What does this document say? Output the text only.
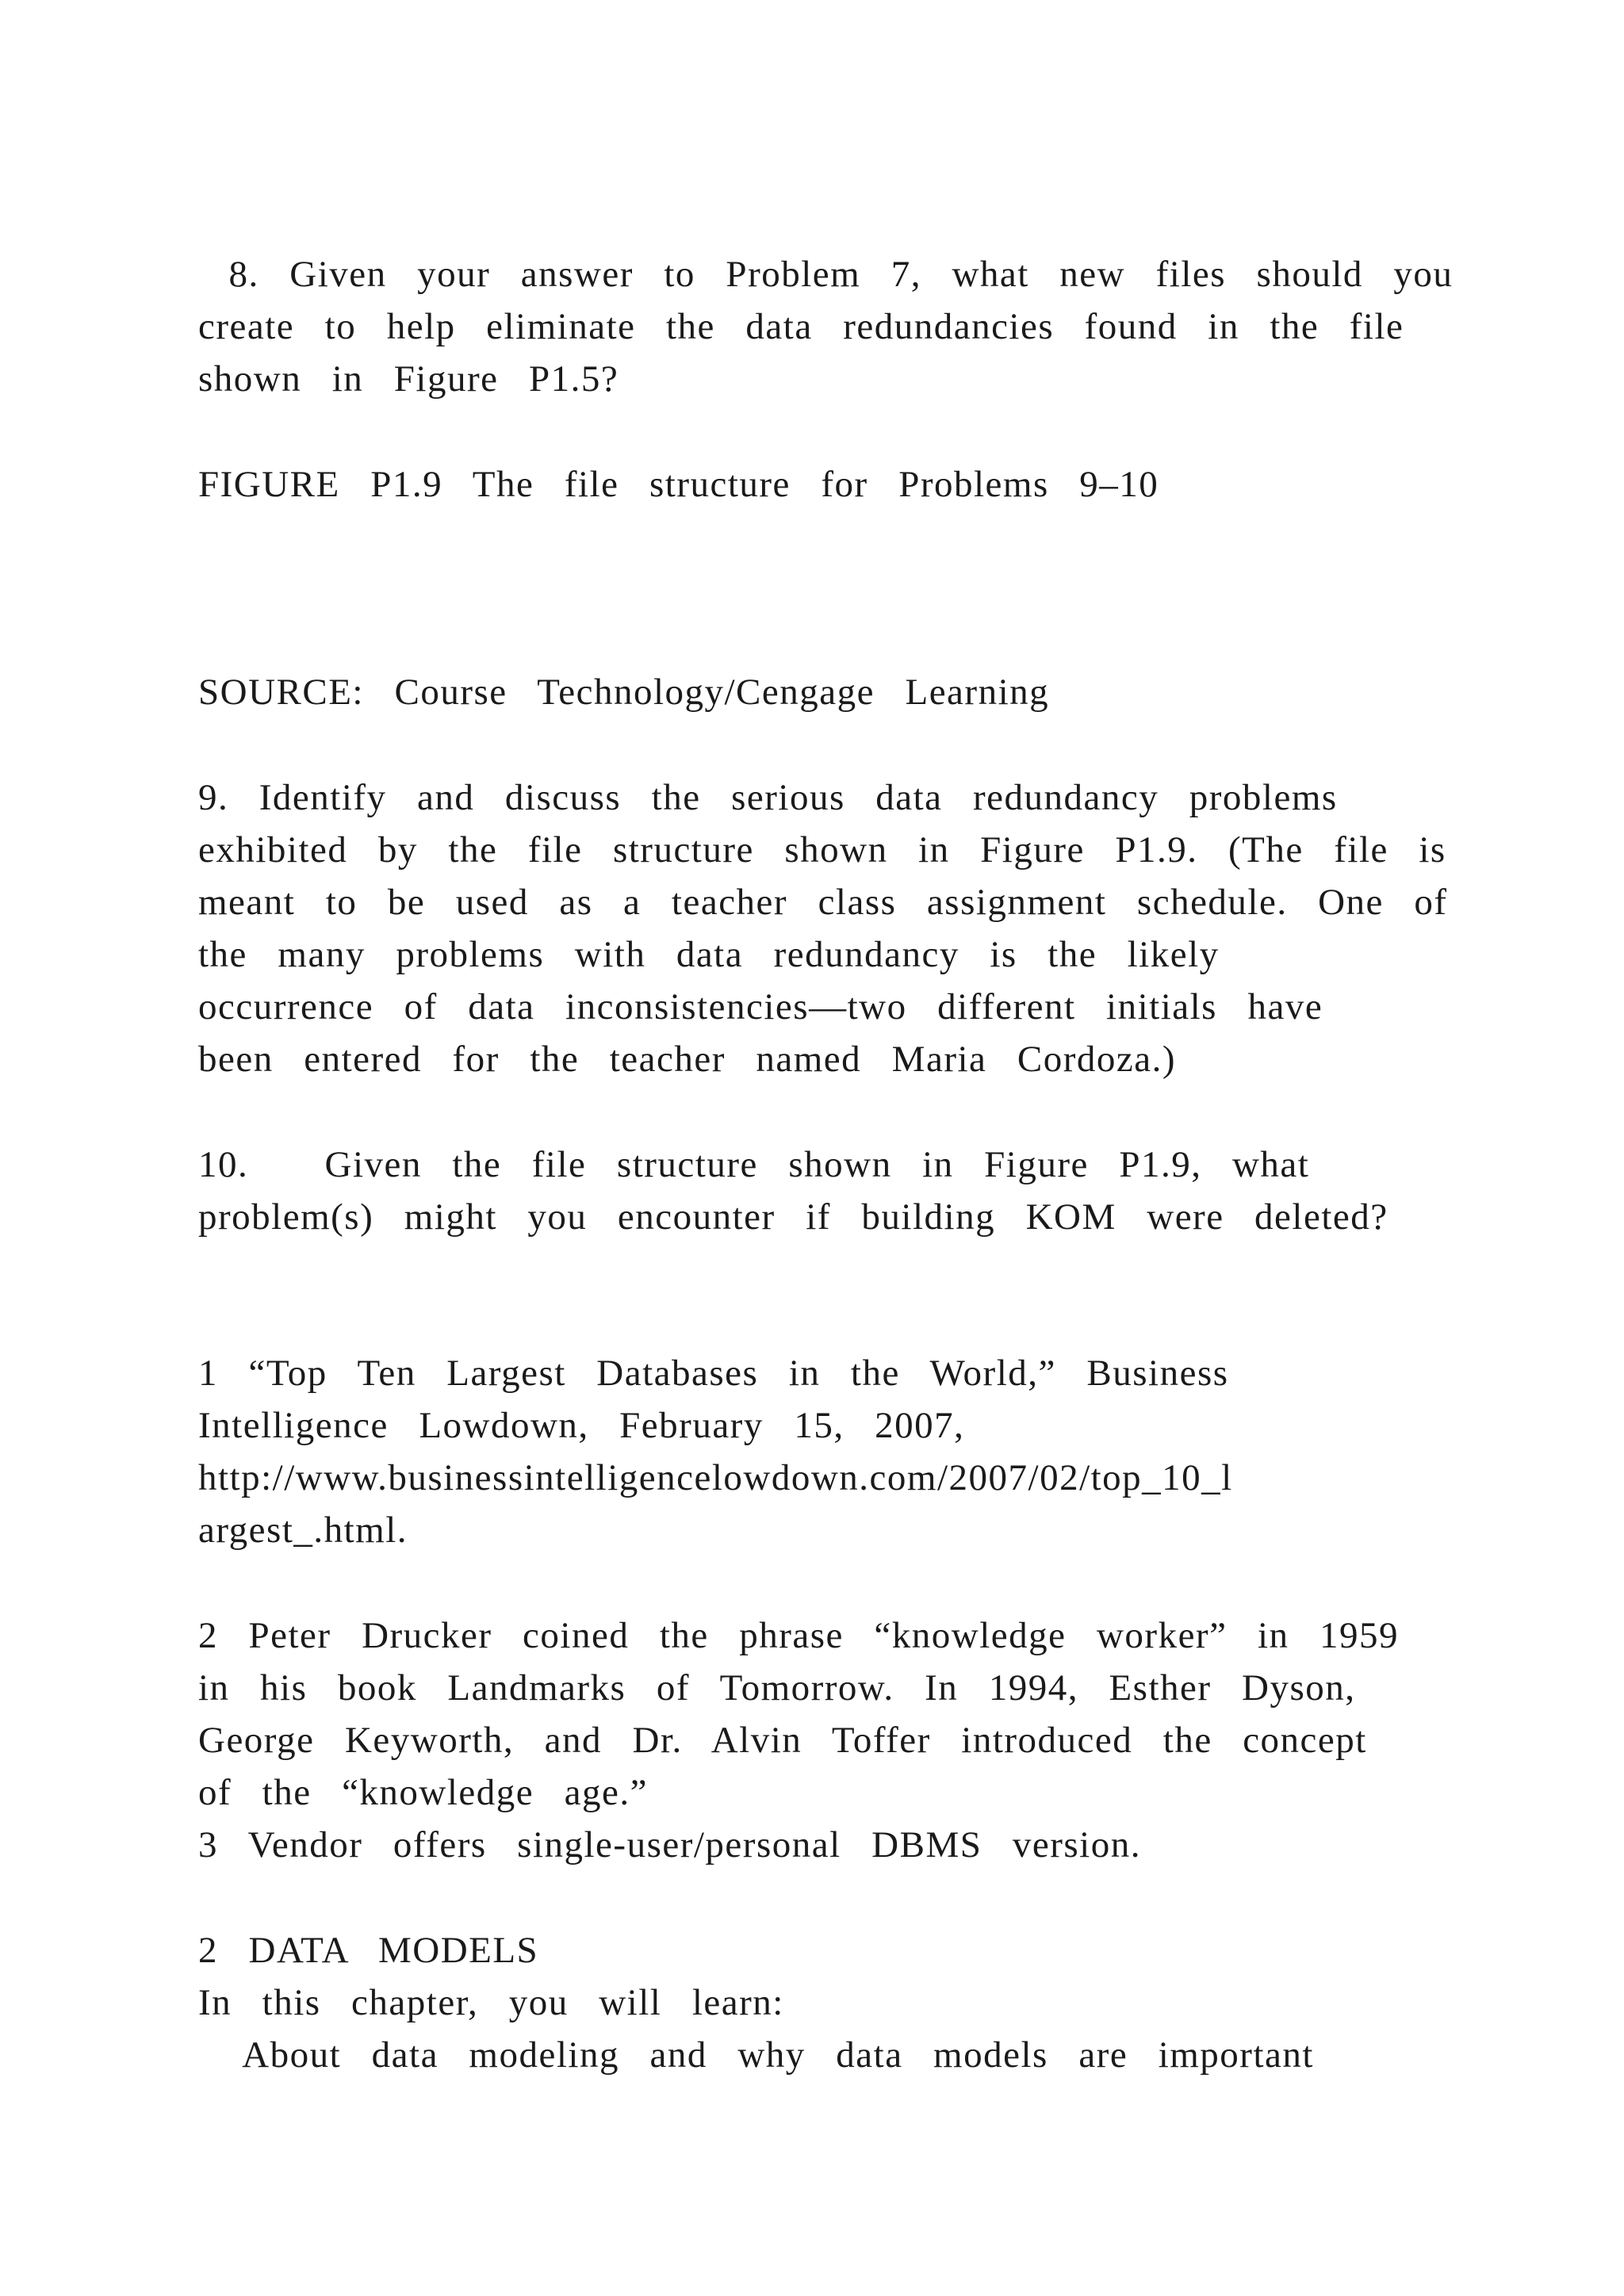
8.  Given  your  answer  to  Problem  7,  what  new  files  should  you
create  to  help  eliminate  the  data  redundancies  found  in  the  file
shown  in  Figure  P1.5?
FIGURE  P1.9  The  file  structure  for  Problems  9–10
SOURCE:  Course  Technology/Cengage  Learning
9.  Identify  and  discuss  the  serious  data  redundancy  problems
exhibited  by  the  file  structure  shown  in  Figure  P1.9.  (The  file  is
meant  to  be  used  as  a  teacher  class  assignment  schedule.  One  of
the  many  problems  with  data  redundancy  is  the  likely
occurrence  of  data  inconsistencies—two  different  initials  have
been  entered  for  the  teacher  named  Maria  Cordoza.)
10.     Given  the  file  structure  shown  in  Figure  P1.9,  what
problem(s)  might  you  encounter  if  building  KOM  were  deleted?
1  “Top  Ten  Largest  Databases  in  the  World,”  Business
Intelligence  Lowdown,  February  15,  2007,
http://www.businessintelligencelowdown.com/2007/02/top_10_l
argest_.html.
2  Peter  Drucker  coined  the  phrase  “knowledge  worker”  in  1959
in  his  book  Landmarks  of  Tomorrow.  In  1994,  Esther  Dyson,
George  Keyworth,  and  Dr.  Alvin  Toffer  introduced  the  concept
of  the  “knowledge  age.”
3  Vendor  offers  single-user/personal  DBMS  version.
2  DATA  MODELS
In  this  chapter,  you  will  learn:
About  data  modeling  and  why  data  models  are  important
